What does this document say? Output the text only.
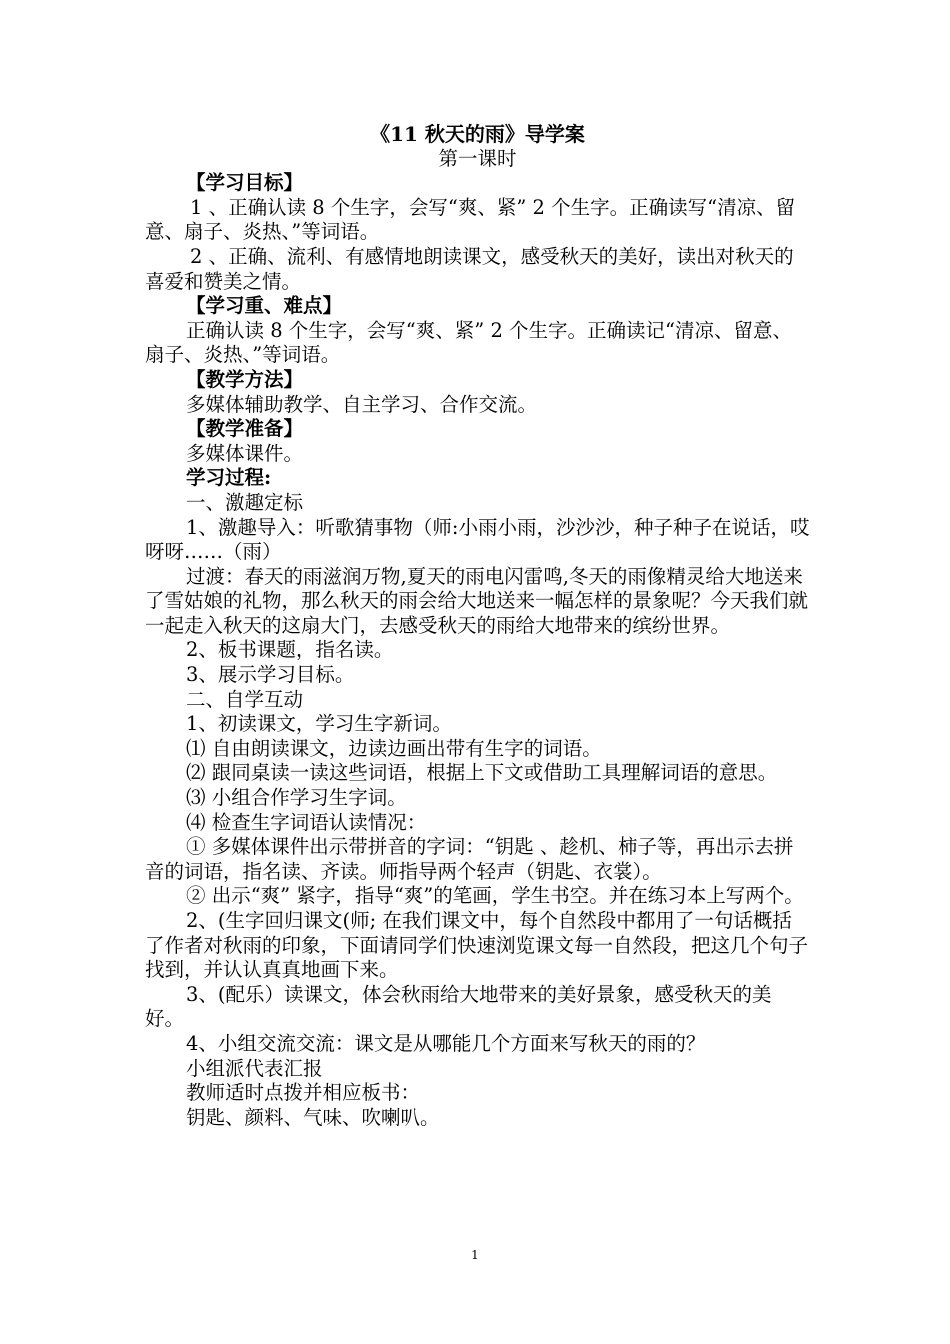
《11 秋天的雨》导学案

第一课时

【学习目标】

1 、正确认读 8 个生字，会写“爽、紧” 2 个生字。正确读写“清凉、留意、扇子、炎热、”等词语。

2 、正确、流利、有感情地朗读课文，感受秋天的美好，读出对秋天的喜爱和赞美之情。

【学习重、难点】

正确认读 8 个生字，会写“爽、紧” 2 个生字。正确读记“清凉、留意、扇子、炎热、”等词语。

【教学方法】

多媒体辅助教学、自主学习、合作交流。

【教学准备】

多媒体课件。

学习过程:

一、激趣定标

1、激趣导入：听歌猜事物（师:小雨小雨，沙沙沙，种子种子在说话，哎呀呀……（雨）

过渡：春天的雨滋润万物,夏天的雨电闪雷鸣,冬天的雨像精灵给大地送来了雪姑娘的礼物，那么秋天的雨会给大地送来一幅怎样的景象呢？今天我们就一起走入秋天的这扇大门，去感受秋天的雨给大地带来的缤纷世界。

2、板书课题，指名读。

3、展示学习目标。

二、自学互动

1、初读课文，学习生字新词。

⑴ 自由朗读课文，边读边画出带有生字的词语。

⑵ 跟同桌读一读这些词语，根据上下文或借助工具理解词语的意思。

⑶ 小组合作学习生字词。

⑷ 检查生字词语认读情况：

① 多媒体课件出示带拼音的字词：“钥匙 、趁机、柿子等，再出示去拼音的词语，指名读、齐读。师指导两个轻声（钥匙、衣裳）。

② 出示“爽” 紧字，指导“爽”的笔画，学生书空。并在练习本上写两个。

2、(生字回归课文(师; 在我们课文中，每个自然段中都用了一句话概括了作者对秋雨的印象，下面请同学们快速浏览课文每一自然段，把这几个句子找到，并认认真真地画下来。

3、(配乐）读课文，体会秋雨给大地带来的美好景象，感受秋天的美好。

4、小组交流交流：课文是从哪能几个方面来写秋天的雨的？

小组派代表汇报

教师适时点拨并相应板书：

钥匙、颜料、气味、吹喇叭。

1
